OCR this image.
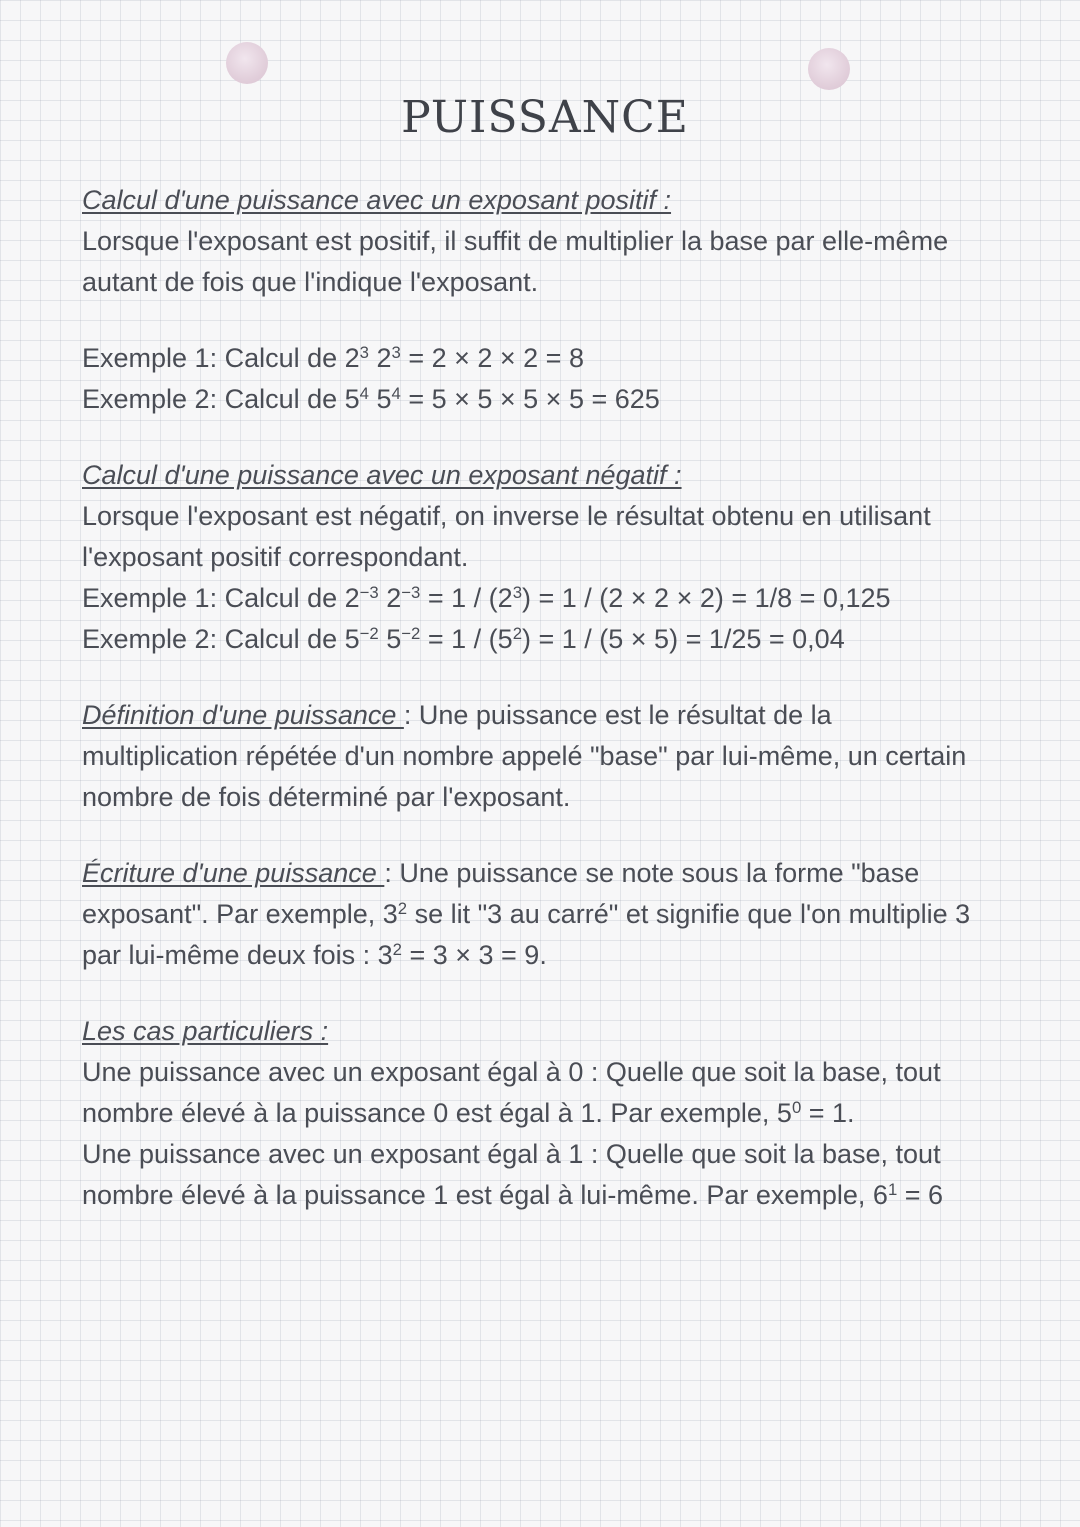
PUISSANCE

Calcul d'une puissance avec un exposant positif :

Lorsque l'exposant est positif, il suffit de multiplier la base par elle-même autant de fois que l'indique l'exposant.

Exemple 1: Calcul de $2^3$ $2^3 = 2 \times 2 \times 2 = 8$

Exemple 2: Calcul de $5^4$ $5^4 = 5 \times 5 \times 5 \times 5 = 625$

Calcul d'une puissance avec un exposant négatif :

Lorsque l'exposant est négatif, on inverse le résultat obtenu en utilisant l'exposant positif correspondant.

Exemple 1: Calcul de $2^{-3}$ $2^{-3} = 1 / (2^3) = 1 / (2 \times 2 \times 2) = 1/8 = 0,125$

Exemple 2: Calcul de $5^{-2}$ $5^{-2} = 1 / (5^2) = 1 / (5 \times 5) = 1/25 = 0,04$

Définition d'une puissance : Une puissance est le résultat de la multiplication répétée d'un nombre appelé "base" par lui-même, un certain nombre de fois déterminé par l'exposant.

Écriture d'une puissance : Une puissance se note sous la forme "base exposant". Par exemple, $3^2$ se lit "3 au carré" et signifie que l'on multiplie 3 par lui-même deux fois : $3^2 = 3 \times 3 = 9$.

Les cas particuliers :

Une puissance avec un exposant égal à 0 : Quelle que soit la base, tout nombre élevé à la puissance 0 est égal à 1. Par exemple, $5^0 = 1$.

Une puissance avec un exposant égal à 1 : Quelle que soit la base, tout nombre élevé à la puissance 1 est égal à lui-même. Par exemple, $6^1 = 6$
